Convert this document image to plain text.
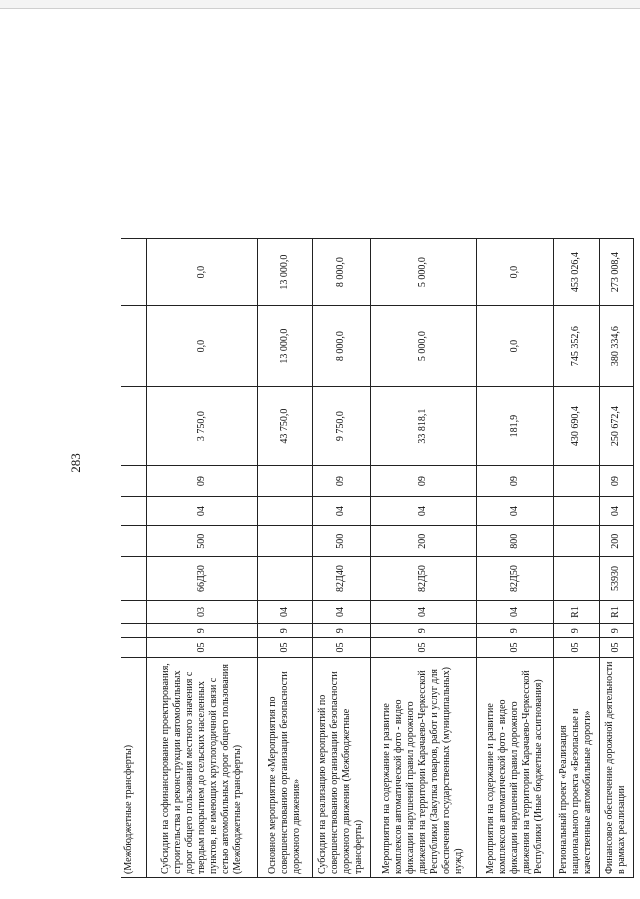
283
(Межбюджетные трансферты)										
Субсидии на софинансирование проектирования, строительства и реконструкции автомобильных дорог общего пользования местного значения с твердым покрытием до сельских населенных пунктов, не имеющих круглогодичной связи с сетью автомобильных дорог общего пользования (Межбюджетные трансферты)	05	9	03	66Д30	500	04	09	3 750,0	0,0	0,0
Основное мероприятие «Мероприятия по совершенствованию организации безопасности дорожного движения»	05	9	04					43 750,0	13 000,0	13 000,0
Субсидии на реализацию мероприятий по совершенствованию организации безопасности дорожного движения (Межбюджетные трансферты)	05	9	04	82Д40	500	04	09	9 750,0	8 000,0	8 000,0
Мероприятия на содержание и развитие комплексов автоматической фото - видео фиксации нарушений правил дорожного движения на территории Карачаево-Черкесской Республики (Закупка товаров, работ и услуг для обеспечения государственных (муниципальных) нужд)	05	9	04	82Д50	200	04	09	33 818,1	5 000,0	5 000,0
Мероприятия на содержание и развитие комплексов автоматической фото - видео фиксации нарушений правил дорожного движения на территории Карачаево-Черкесской Республики (Иные бюджетные ассигнования)	05	9	04	82Д50	800	04	09	181,9	0,0	0,0
Региональный проект «Реализация национального проекта «Безопасные и качественные автомобильные дороги»	05	9	R1					430 690,4	745 352,6	453 026,4
Финансовое обеспечение дорожной деятельности в рамках реализации	05	9	R1	53930	200	04	09	250 672,4	380 334,6	273 008,4
